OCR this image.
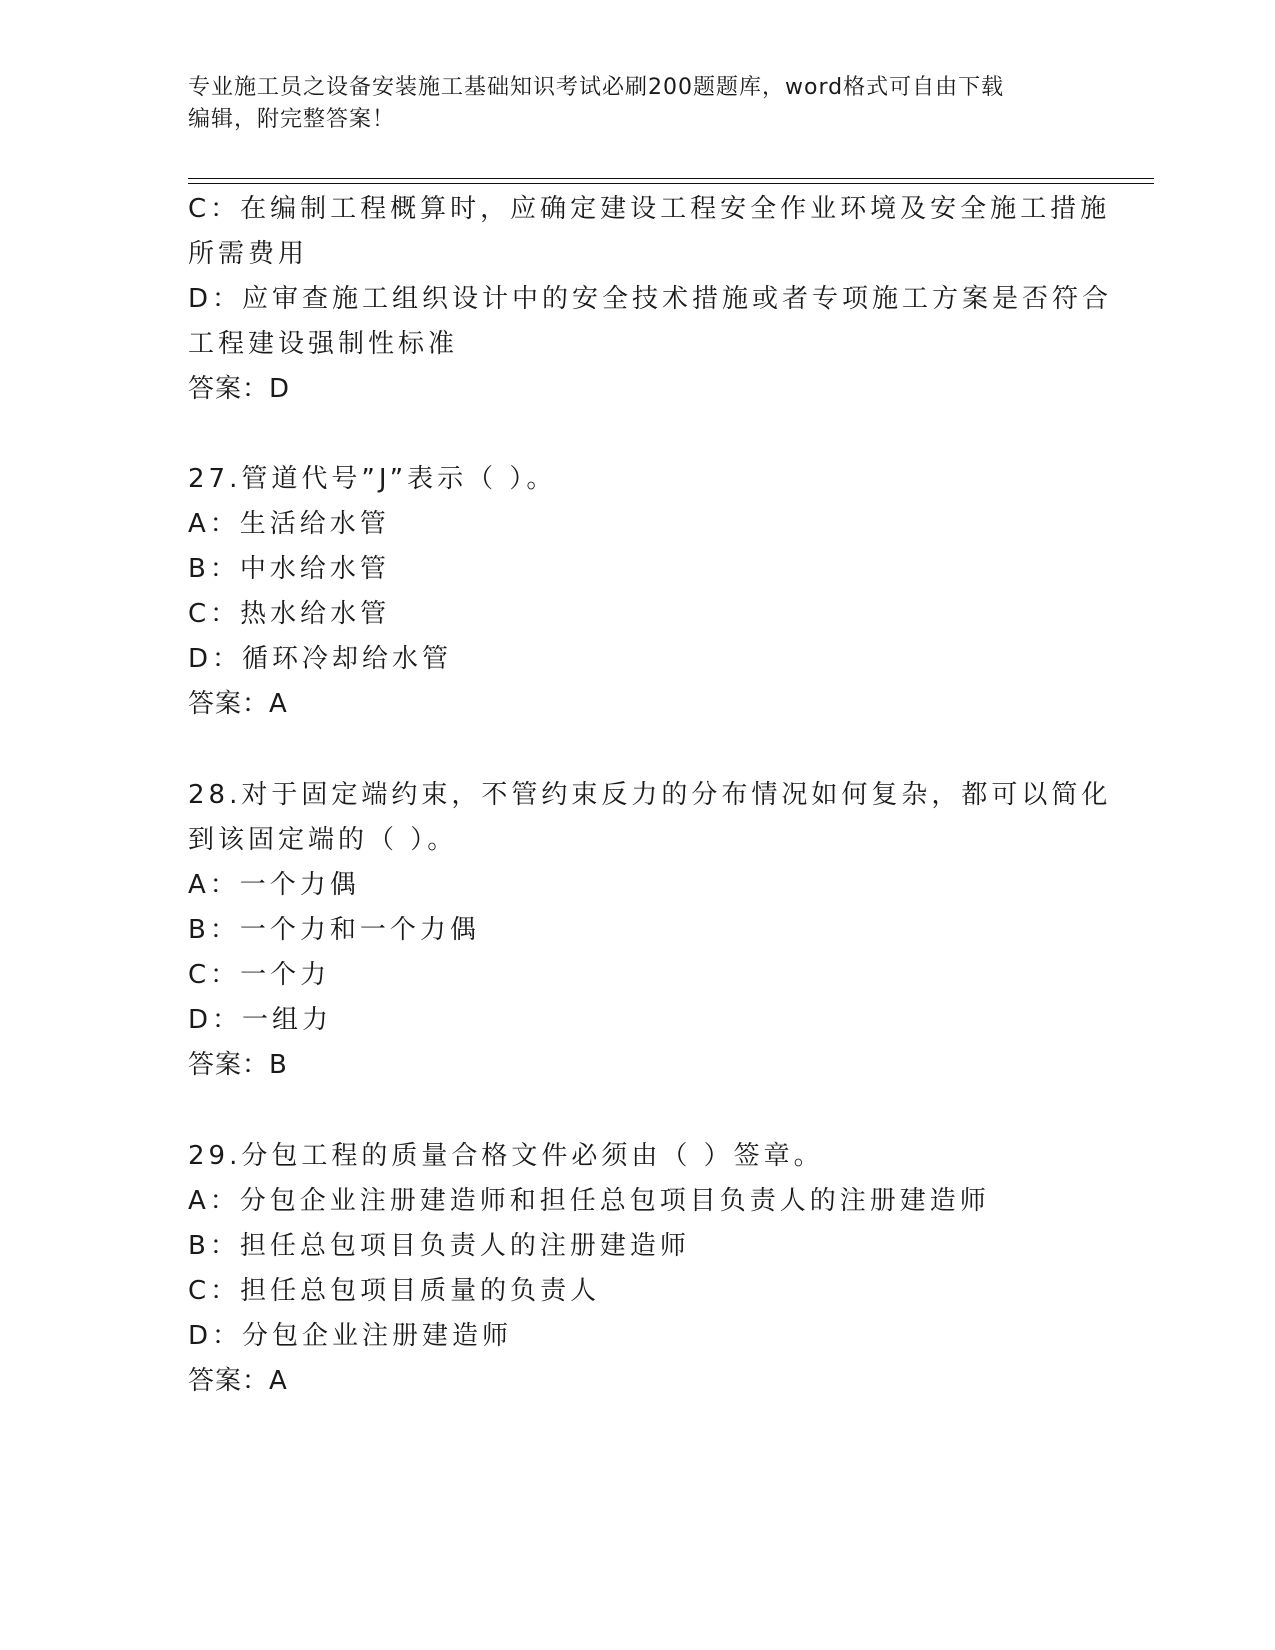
专业施工员之设备安装施工基础知识考试必刷200题题库，word格式可自由下载
编辑，附完整答案！
C：在编制工程概算时，应确定建设工程安全作业环境及安全施工措施
所需费用
D：应审查施工组织设计中的安全技术措施或者专项施工方案是否符合
工程建设强制性标准
答案：D
27.管道代号”J”表示（ ）。
A：生活给水管
B：中水给水管
C：热水给水管
D：循环冷却给水管
答案：A
28.对于固定端约束，不管约束反力的分布情况如何复杂，都可以简化
到该固定端的（ ）。
A：一个力偶
B：一个力和一个力偶
C：一个力
D：一组力
答案：B
29.分包工程的质量合格文件必须由（ ）签章。
A：分包企业注册建造师和担任总包项目负责人的注册建造师
B：担任总包项目负责人的注册建造师
C：担任总包项目质量的负责人
D：分包企业注册建造师
答案：A
